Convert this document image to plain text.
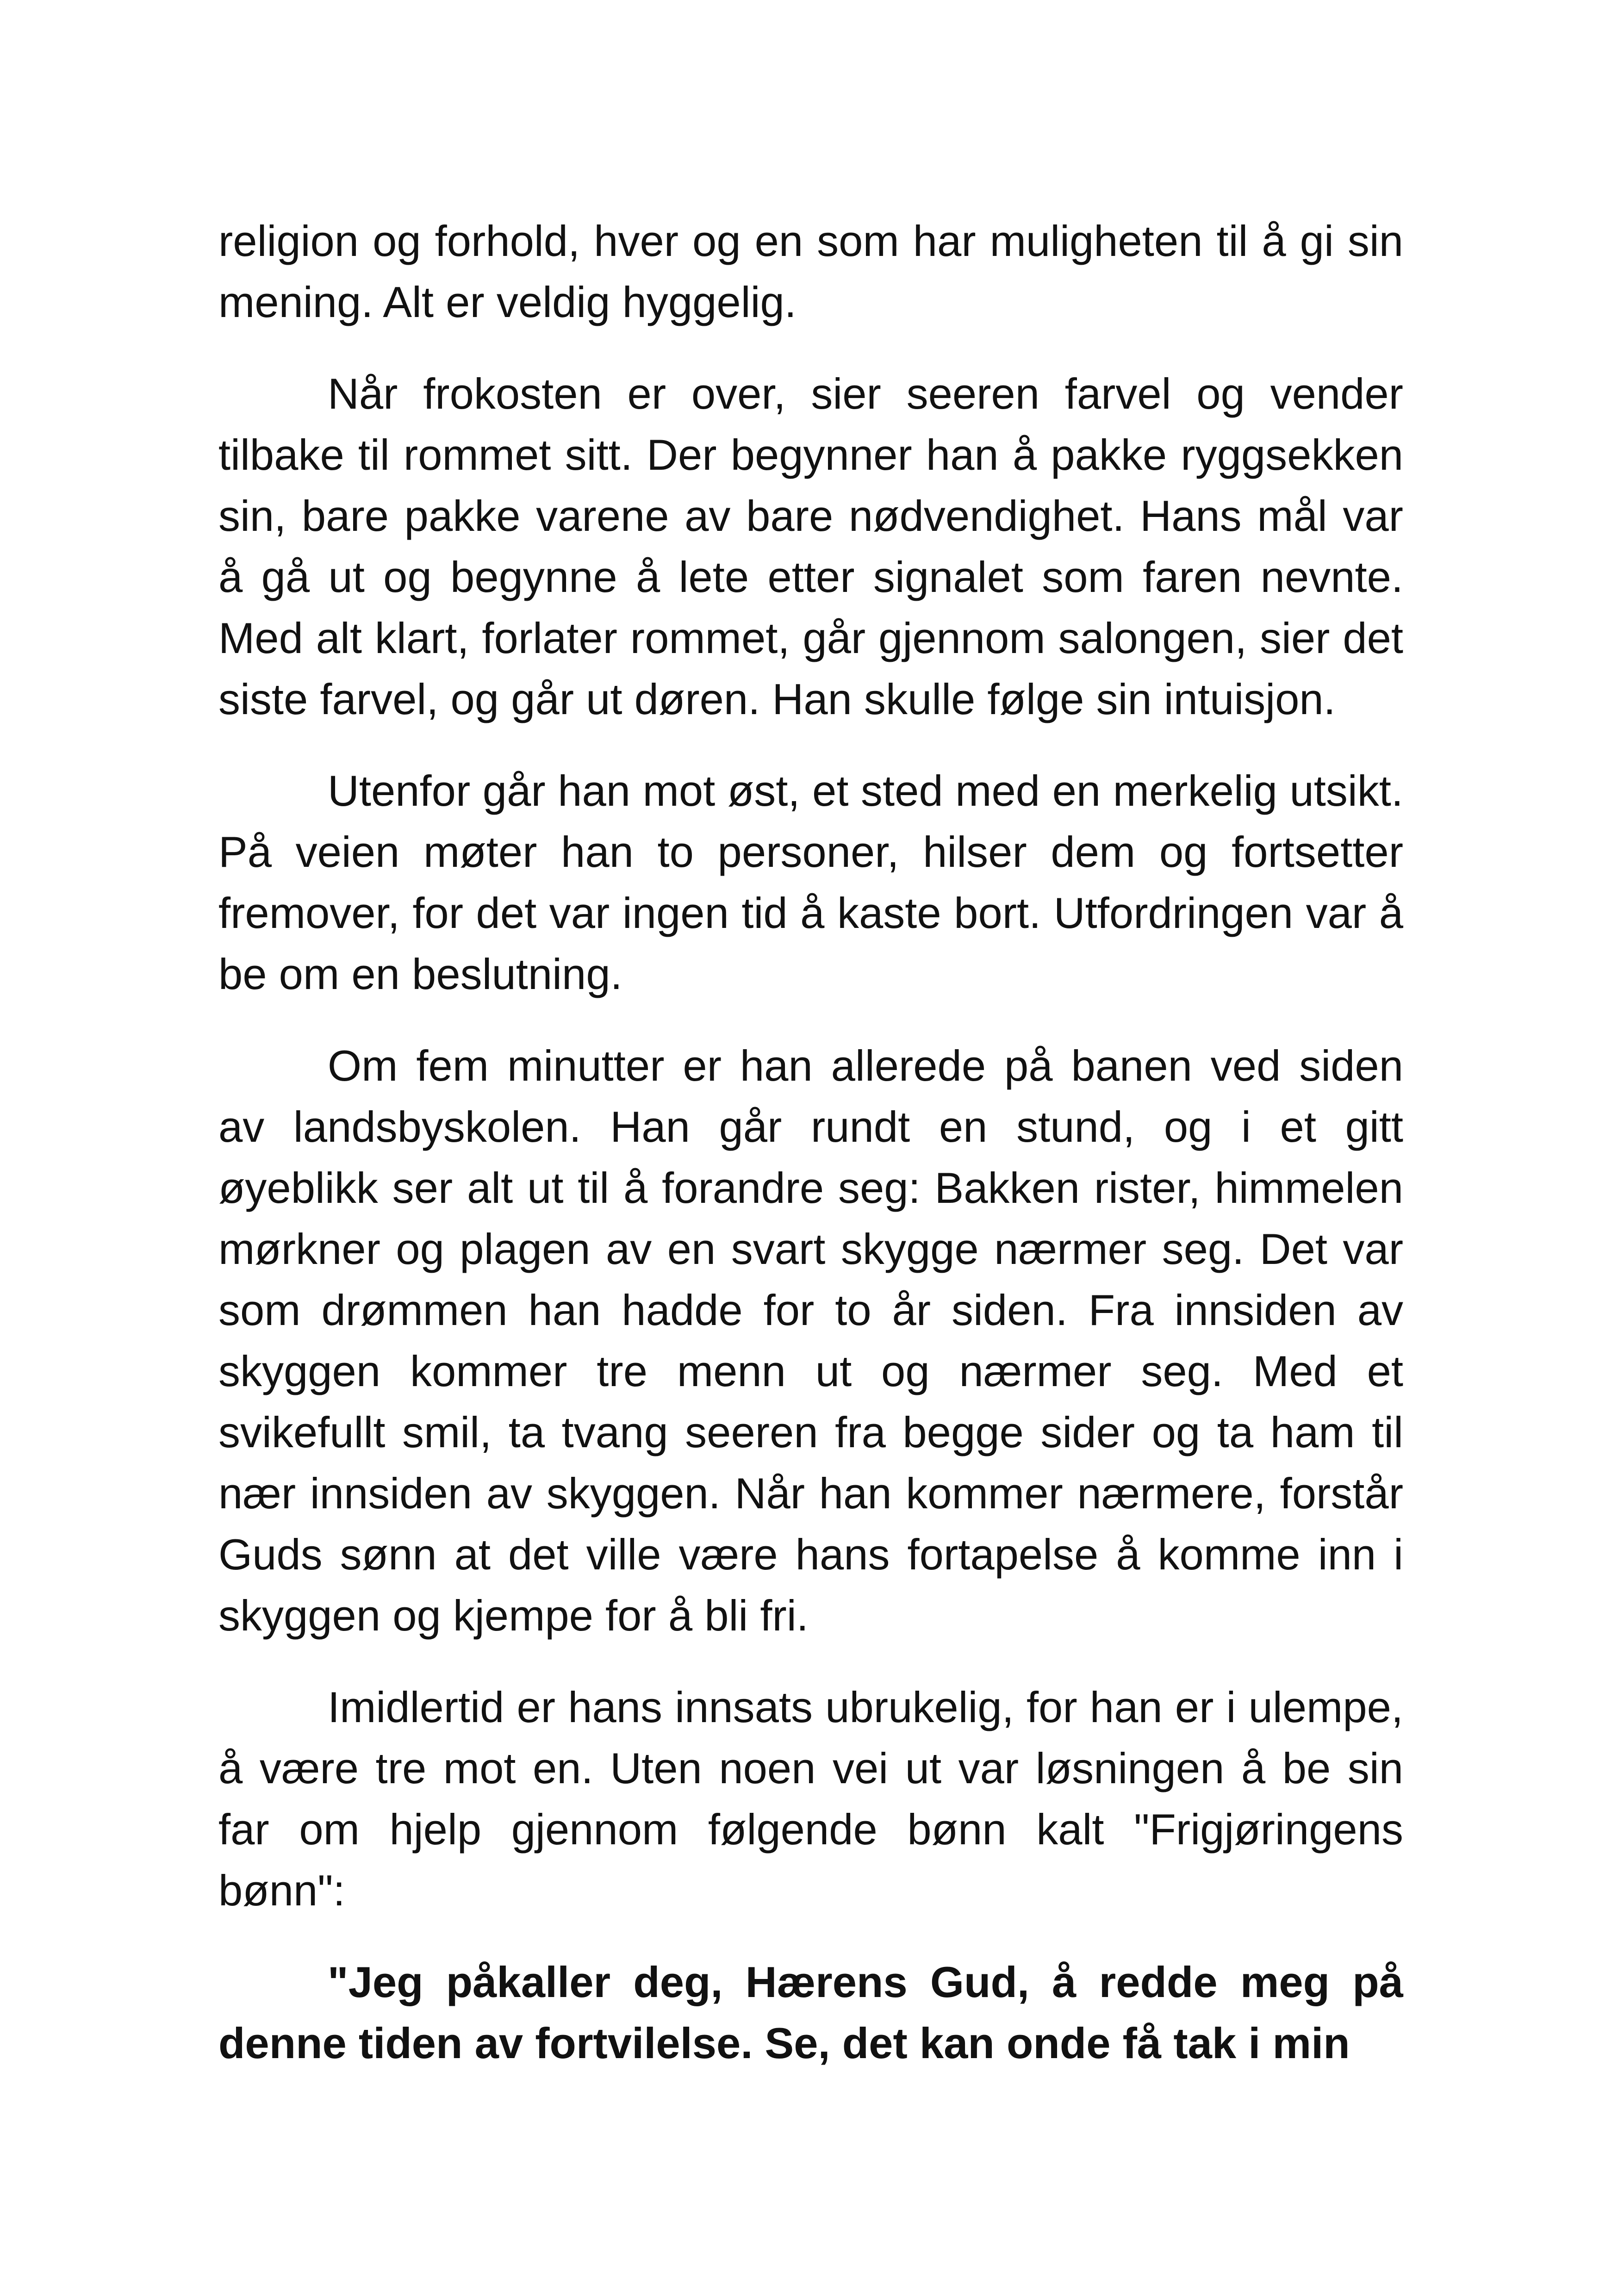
religion og forhold, hver og en som har muligheten til å gi sin mening. Alt er veldig hyggelig.

Når frokosten er over, sier seeren farvel og vender tilbake til rommet sitt. Der begynner han å pakke ryggsekken sin, bare pakke varene av bare nødvendighet. Hans mål var å gå ut og begynne å lete etter signalet som faren nevnte. Med alt klart, forlater rommet, går gjennom salongen, sier det siste farvel, og går ut døren. Han skulle følge sin intuisjon.

Utenfor går han mot øst, et sted med en merkelig utsikt. På veien møter han to personer, hilser dem og fortsetter fremover, for det var ingen tid å kaste bort. Utfordringen var å be om en beslutning.

Om fem minutter er han allerede på banen ved siden av landsbyskolen. Han går rundt en stund, og i et gitt øyeblikk ser alt ut til å forandre seg: Bakken rister, himmelen mørkner og plagen av en svart skygge nærmer seg. Det var som drømmen han hadde for to år siden. Fra innsiden av skyggen kommer tre menn ut og nærmer seg. Med et svikefullt smil, ta tvang seeren fra begge sider og ta ham til nær innsiden av skyggen. Når han kommer nærmere, forstår Guds sønn at det ville være hans fortapelse å komme inn i skyggen og kjempe for å bli fri.

Imidlertid er hans innsats ubrukelig, for han er i ulempe, å være tre mot en. Uten noen vei ut var løsningen å be sin far om hjelp gjennom følgende bønn kalt "Frigjøringens bønn":

"Jeg påkaller deg, Hærens Gud, å redde meg på denne tiden av fortvilelse. Se, det kan onde få tak i min
